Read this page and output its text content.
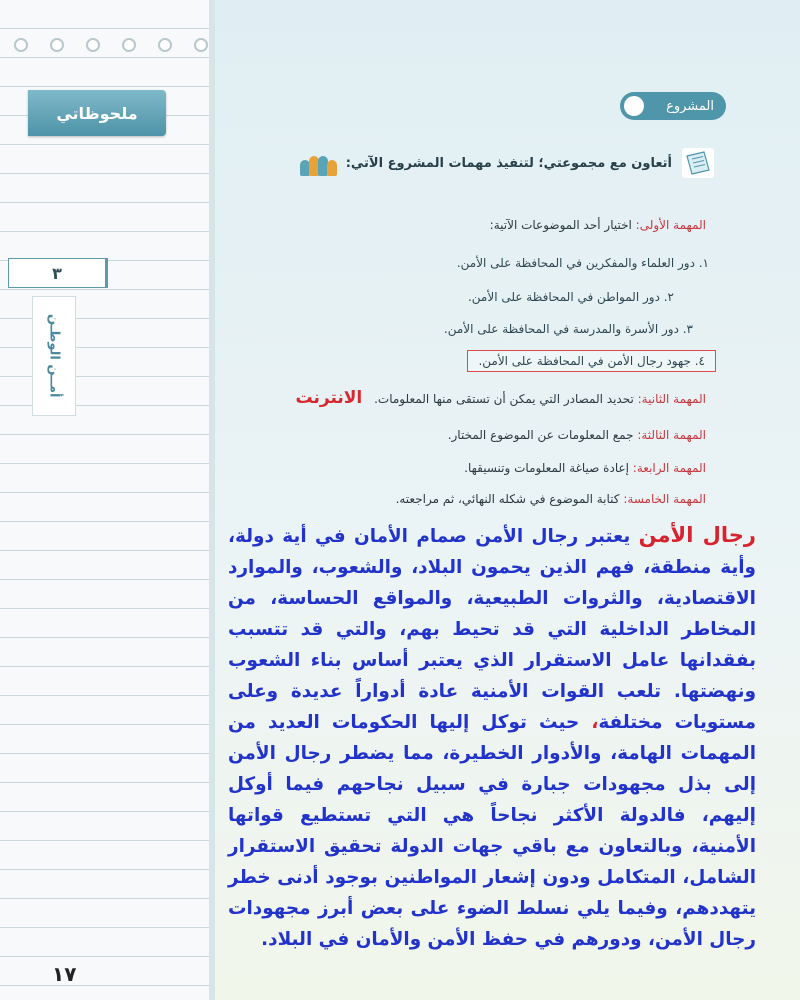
ملحوظاتي
٣
أمــن الوطـن
١٧
المشروع
أتعاون مع مجموعتي؛ لتنفيذ مهمات المشروع الآتي:
المهمة الأولى: اختيار أحد الموضوعات الآتية:
١. دور العلماء والمفكرين في المحافظة على الأمن.
٢. دور المواطن في المحافظة على الأمن.
٣. دور الأسرة والمدرسة في المحافظة على الأمن.
٤. جهود رجال الأمن في المحافظة على الأمن.
المهمة الثانية: تحديد المصادر التي يمكن أن تستقى منها المعلومات. الانترنت
المهمة الثالثة: جمع المعلومات عن الموضوع المختار.
المهمة الرابعة: إعادة صياغة المعلومات وتنسيقها.
المهمة الخامسة: كتابة الموضوع في شكله النهائي، ثم مراجعته.
رجال الأمن يعتبر رجال الأمن صمام الأمان في أية دولة، وأية منطقة، فهم الذين يحمون البلاد، والشعوب، والموارد الاقتصادية، والثروات الطبيعية، والمواقع الحساسة، من المخاطر الداخلية التي قد تحيط بهم، والتي قد تتسبب بفقدانها عامل الاستقرار الذي يعتبر أساس بناء الشعوب ونهضتها. تلعب القوات الأمنية عادة أدواراً عديدة وعلى مستويات مختلفة، حيث توكل إليها الحكومات العديد من المهمات الهامة، والأدوار الخطيرة، مما يضطر رجال الأمن إلى بذل مجهودات جبارة في سبيل نجاحهم فيما أوكل إليهم، فالدولة الأكثر نجاحاً هي التي تستطيع قواتها الأمنية، وبالتعاون مع باقي جهات الدولة تحقيق الاستقرار الشامل، المتكامل ودون إشعار المواطنين بوجود أدنى خطر يتهددهم، وفيما يلي نسلط الضوء على بعض أبرز مجهودات رجال الأمن، ودورهم في حفظ الأمن والأمان في البلاد.
